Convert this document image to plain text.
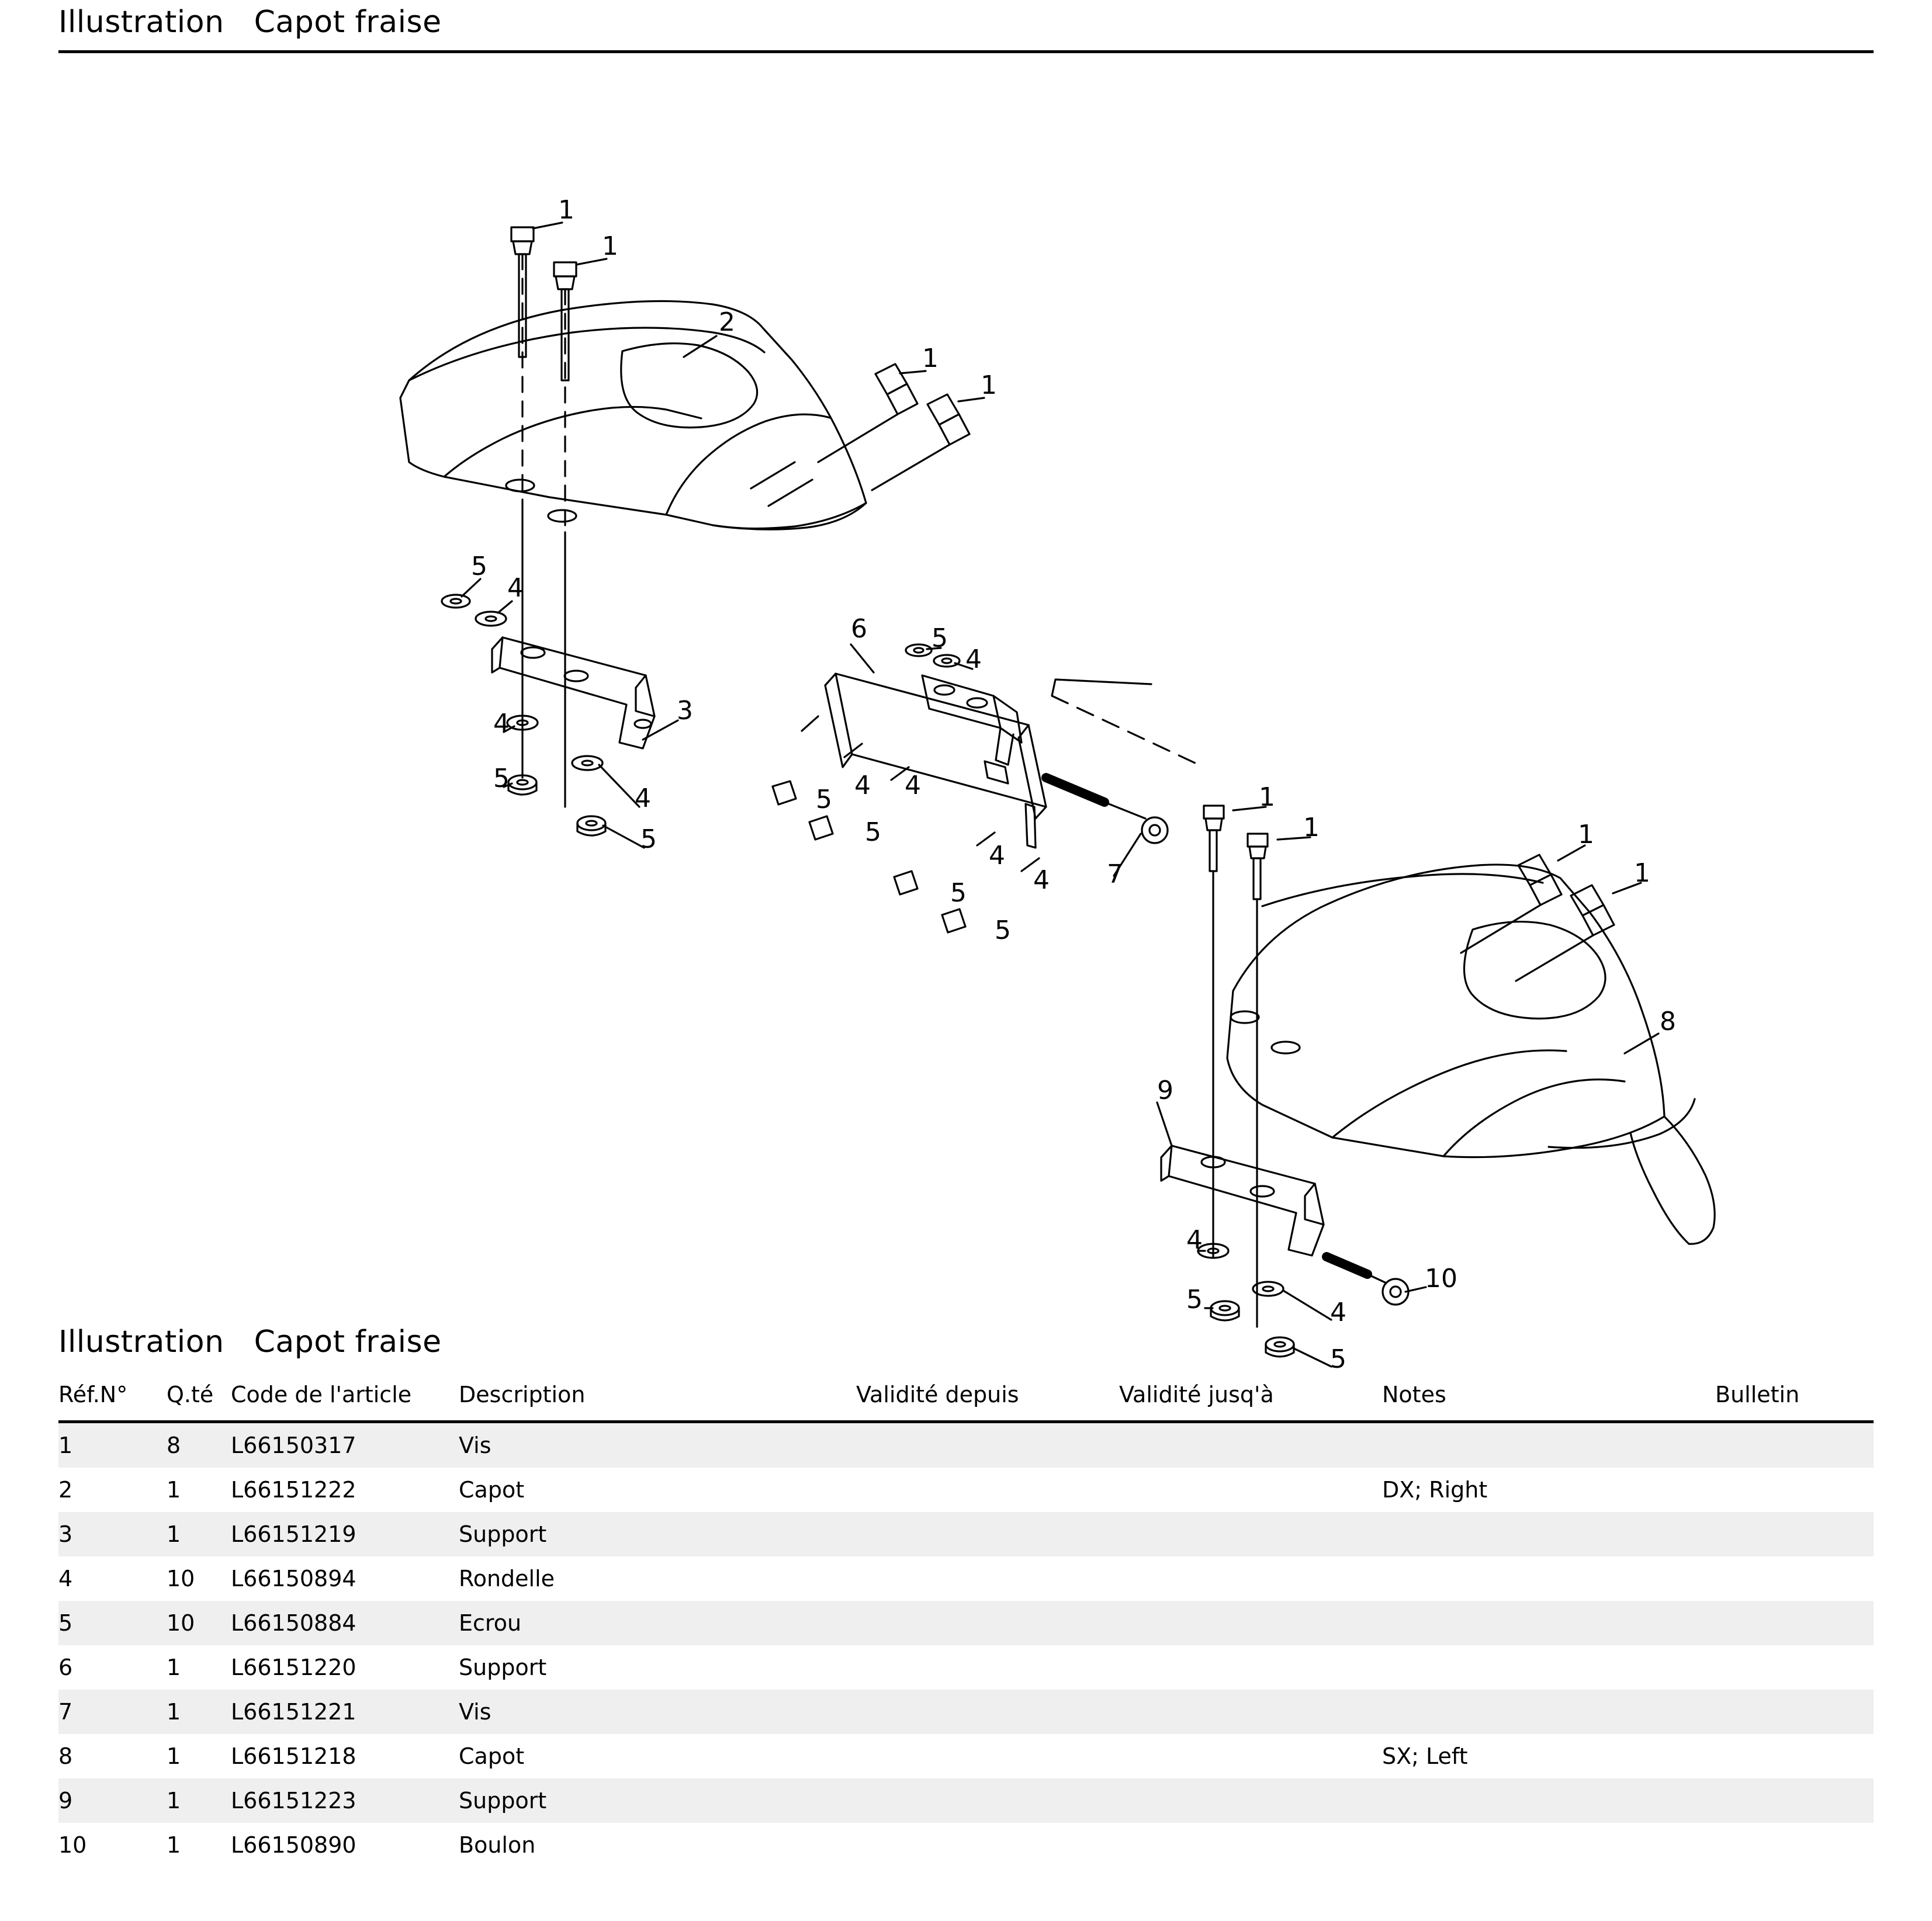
Illustration   Capot fraise
1
1
2
1
1
5
4
4	3
5
4
5
6	5
4
4
5	4
5
4
5	4
5
7
1
1	1
1
8
9
4
5	4
5
10
Illustration   Capot fraise
Réf.N°	Q.té	Code de l'article	Description	Validité depuis	Validité jusq'à	Notes	Bulletin
1	8	L66150317	Vis				
2	1	L66151222	Capot			DX; Right	
3	1	L66151219	Support				
4	10	L66150894	Rondelle				
5	10	L66150884	Ecrou				
6	1	L66151220	Support				
7	1	L66151221	Vis				
8	1	L66151218	Capot			SX; Left	
9	1	L66151223	Support				
10	1	L66150890	Boulon				
